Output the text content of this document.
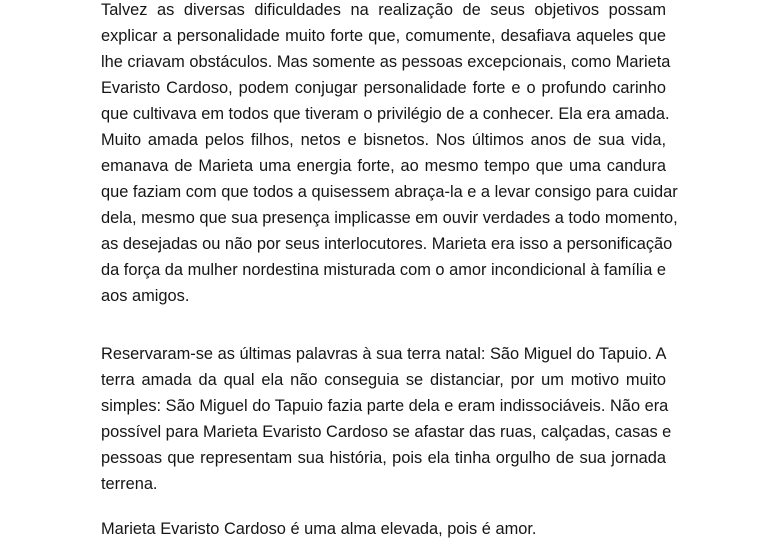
Talvez as diversas dificuldades na realização de seus objetivos possam
explicar a personalidade muito forte que, comumente, desafiava aqueles que
lhe criavam obstáculos. Mas somente as pessoas excepcionais, como Marieta
Evaristo Cardoso, podem conjugar personalidade forte e o profundo carinho
que cultivava em todos que tiveram o privilégio de a conhecer. Ela era amada.
Muito amada pelos filhos, netos e bisnetos. Nos últimos anos de sua vida,
emanava de Marieta uma energia forte, ao mesmo tempo que uma candura
que faziam com que todos a quisessem abraça-la e a levar consigo para cuidar
dela, mesmo que sua presença implicasse em ouvir verdades a todo momento,
as desejadas ou não por seus interlocutores. Marieta era isso a personificação
da força da mulher nordestina misturada com o amor incondicional à família e
aos amigos.
Reservaram-se as últimas palavras à sua terra natal: São Miguel do Tapuio. A
terra amada da qual ela não conseguia se distanciar, por um motivo muito
simples: São Miguel do Tapuio fazia parte dela e eram indissociáveis. Não era
possível para Marieta Evaristo Cardoso se afastar das ruas, calçadas, casas e
pessoas que representam sua história, pois ela tinha orgulho de sua jornada
terrena.
Marieta Evaristo Cardoso é uma alma elevada, pois é amor.
